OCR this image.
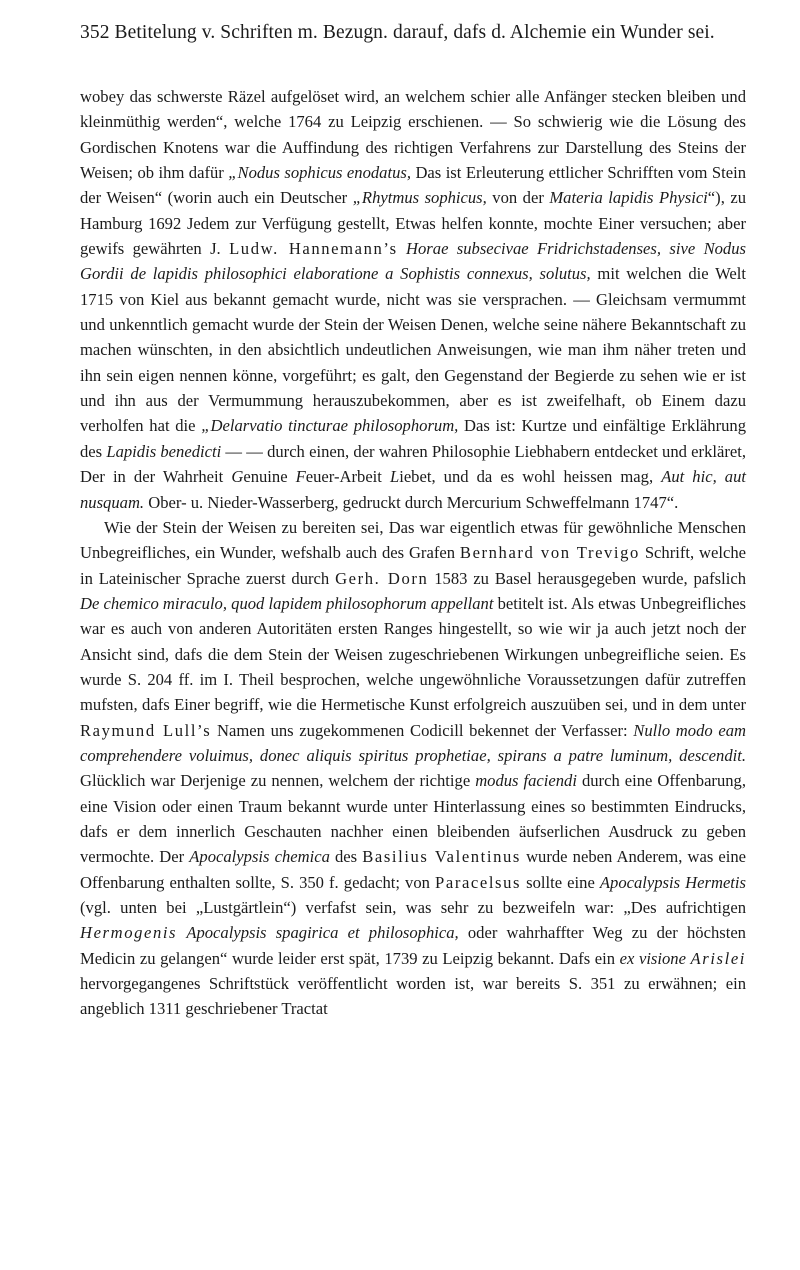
352 Betitelung v. Schriften m. Bezugn. darauf, dafs d. Alchemie ein Wunder sei.

wobey das schwerste Räzel aufgelöset wird, an welchem schier alle Anfänger stecken bleiben und kleinmüthig werden“, welche 1764 zu Leipzig erschienen. — So schwierig wie die Lösung des Gordischen Knotens war die Auffindung des richtigen Verfahrens zur Darstellung des Steins der Weisen; ob ihm dafür „Nodus sophicus enodatus, Das ist Erleuterung ettlicher Schrifften vom Stein der Weisen“ (worin auch ein Deutscher „Rhytmus sophicus, von der Materia lapidis Physici“), zu Hamburg 1692 Jedem zur Verfügung gestellt, Etwas helfen konnte, mochte Einer versuchen; aber gewifs gewährten J. Ludw. Hannemann’s Horae subsecivae Fridrichstadenses, sive Nodus Gordii de lapidis philosophici elaboratione a Sophistis connexus, solutus, mit welchen die Welt 1715 von Kiel aus bekannt gemacht wurde, nicht was sie versprachen. — Gleichsam vermummt und unkenntlich gemacht wurde der Stein der Weisen Denen, welche seine nähere Bekanntschaft zu machen wünschten, in den absichtlich undeutlichen Anweisungen, wie man ihm näher treten und ihn sein eigen nennen könne, vorgeführt; es galt, den Gegenstand der Begierde zu sehen wie er ist und ihn aus der Vermummung herauszubekommen, aber es ist zweifelhaft, ob Einem dazu verholfen hat die „Delarvatio tincturae philosophorum, Das ist: Kurtze und einfältige Erklährung des Lapidis benedicti — — durch einen, der wahren Philosophie Liebhabern entdecket und erkläret, Der in der Wahrheit Genuine Feuer-Arbeit Liebet, und da es wohl heissen mag, Aut hic, aut nusquam. Ober- u. Nieder-Wasserberg, gedruckt durch Mercurium Schweffelmann 1747“.

Wie der Stein der Weisen zu bereiten sei, Das war eigentlich etwas für gewöhnliche Menschen Unbegreifliches, ein Wunder, wefshalb auch des Grafen Bernhard von Trevigo Schrift, welche in Lateinischer Sprache zuerst durch Gerh. Dorn 1583 zu Basel herausgegeben wurde, pafslich De chemico miraculo, quod lapidem philosophorum appellant betitelt ist. Als etwas Unbegreifliches war es auch von anderen Autoritäten ersten Ranges hingestellt, so wie wir ja auch jetzt noch der Ansicht sind, dafs die dem Stein der Weisen zugeschriebenen Wirkungen unbegreifliche seien. Es wurde S. 204 ff. im I. Theil besprochen, welche ungewöhnliche Voraussetzungen dafür zutreffen mufsten, dafs Einer begriff, wie die Hermetische Kunst erfolgreich auszuüben sei, und in dem unter Raymund Lull’s Namen uns zugekommenen Codicill bekennet der Verfasser: Nullo modo eam comprehendere voluimus, donec aliquis spiritus prophetiae, spirans a patre luminum, descendit. Glücklich war Derjenige zu nennen, welchem der richtige modus faciendi durch eine Offenbarung, eine Vision oder einen Traum bekannt wurde unter Hinterlassung eines so bestimmten Eindrucks, dafs er dem innerlich Geschauten nachher einen bleibenden äufserlichen Ausdruck zu geben vermochte. Der Apocalypsis chemica des Basilius Valentinus wurde neben Anderem, was eine Offenbarung enthalten sollte, S. 350 f. gedacht; von Paracelsus sollte eine Apocalypsis Hermetis (vgl. unten bei „Lustgärtlein“) verfafst sein, was sehr zu bezweifeln war: „Des aufrichtigen Hermogenis Apocalypsis spagirica et philosophica, oder wahrhaffter Weg zu der höchsten Medicin zu gelangen“ wurde leider erst spät, 1739 zu Leipzig bekannt. Dafs ein ex visione Arislei hervorgegangenes Schriftstück veröffentlicht worden ist, war bereits S. 351 zu erwähnen; ein angeblich 1311 geschriebener Tractat
